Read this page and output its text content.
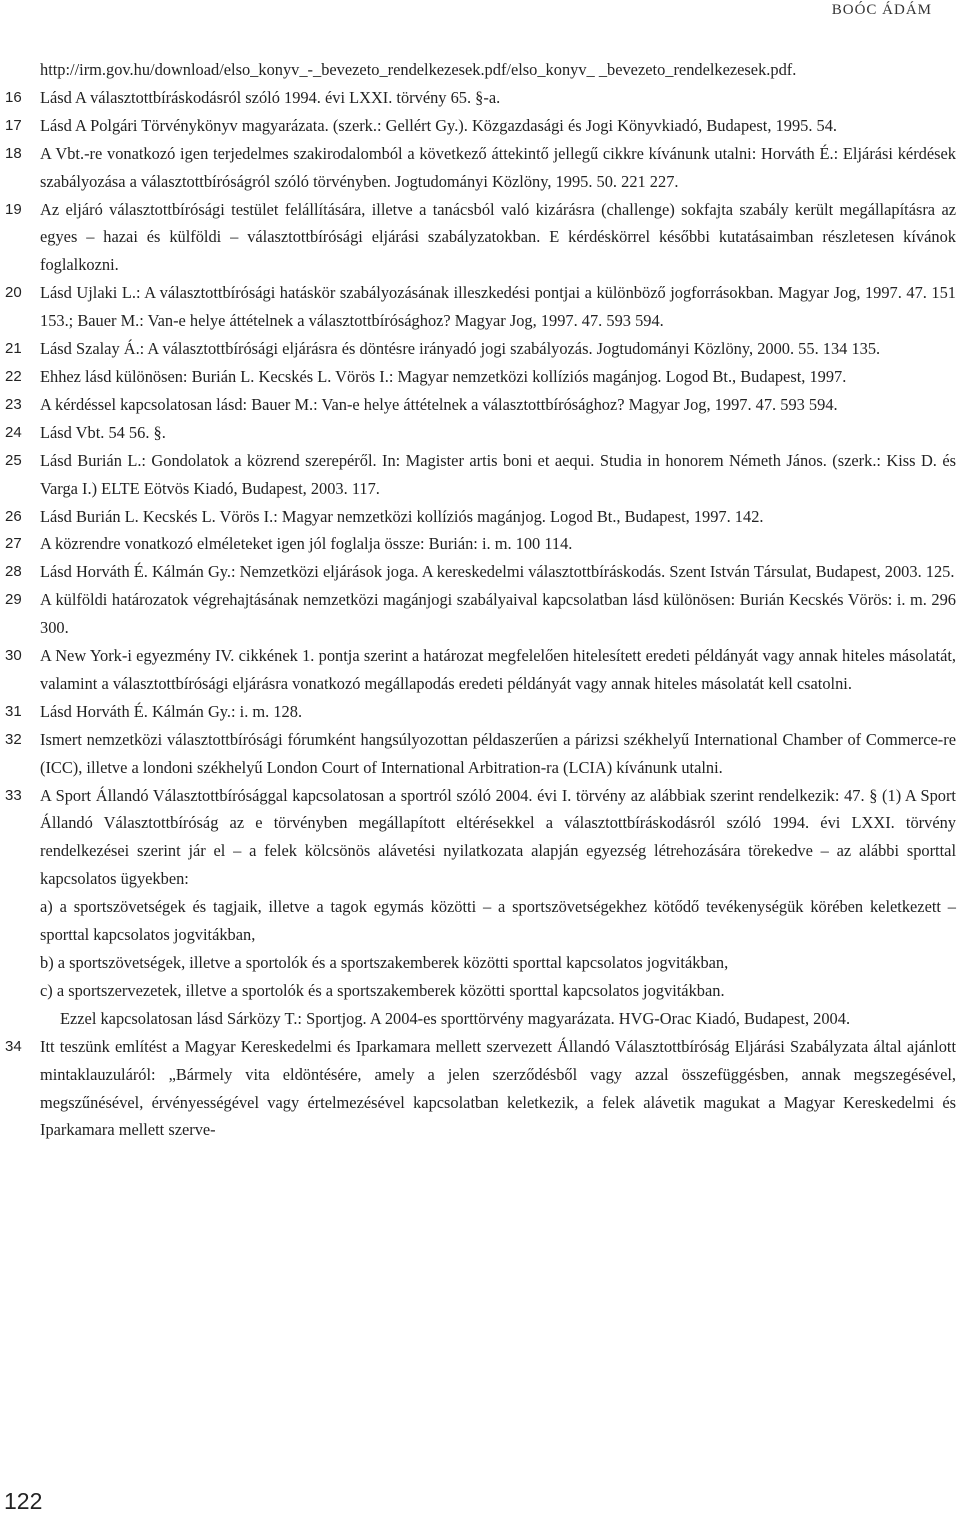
BOÓC ÁDÁM
http://irm.gov.hu/download/elso_konyv_-_bevezeto_rendelkezesek.pdf/elso_konyv_ _bevezeto_rendelkezesek.pdf.
16 Lásd A választottbíráskodásról szóló 1994. évi LXXI. törvény 65. §-a.
17 Lásd A Polgári Törvénykönyv magyarázata. (szerk.: Gellért Gy.). Közgazdasági és Jogi Könyvkiadó, Budapest, 1995. 54.
18 A Vbt.-re vonatkozó igen terjedelmes szakirodalomból a következő áttekintő jellegű cikkre kívánunk utalni: Horváth É.: Eljárási kérdések szabályozása a választottbíróságról szóló törvényben. Jogtudományi Közlöny, 1995. 50. 221 227.
19 Az eljáró választottbírósági testület felállítására, illetve a tanácsból való kizárásra (challenge) sokfajta szabály került megállapításra az egyes – hazai és külföldi – választottbírósági eljárási szabályzatokban. E kérdéskörrel későbbi kutatásaimban részletesen kívánok foglalkozni.
20 Lásd Ujlaki L.: A választottbírósági hatáskör szabályozásának illeszkedési pontjai a különböző jogforrásokban. Magyar Jog, 1997. 47. 151 153.; Bauer M.: Van-e helye áttételnek a választottbírósághoz? Magyar Jog, 1997. 47. 593 594.
21 Lásd Szalay Á.: A választottbírósági eljárásra és döntésre irányadó jogi szabályozás. Jogtudományi Közlöny, 2000. 55. 134 135.
22 Ehhez lásd különösen: Burián L. Kecskés L. Vörös I.: Magyar nemzetközi kollíziós magánjog. Logod Bt., Budapest, 1997.
23 A kérdéssel kapcsolatosan lásd: Bauer M.: Van-e helye áttételnek a választottbírósághoz? Magyar Jog, 1997. 47. 593 594.
24 Lásd Vbt. 54 56. §.
25 Lásd Burián L.: Gondolatok a közrend szerepéről. In: Magister artis boni et aequi. Studia in honorem Németh János. (szerk.: Kiss D. és Varga I.) ELTE Eötvös Kiadó, Budapest, 2003. 117.
26 Lásd Burián L. Kecskés L. Vörös I.: Magyar nemzetközi kollíziós magánjog. Logod Bt., Budapest, 1997. 142.
27 A közrendre vonatkozó elméleteket igen jól foglalja össze: Burián: i. m. 100 114.
28 Lásd Horváth É. Kálmán Gy.: Nemzetközi eljárások joga. A kereskedelmi választottbíráskodás. Szent István Társulat, Budapest, 2003. 125.
29 A külföldi határozatok végrehajtásának nemzetközi magánjogi szabályaival kapcsolatban lásd különösen: Burián Kecskés Vörös: i. m. 296 300.
30 A New York-i egyezmény IV. cikkének 1. pontja szerint a határozat megfelelően hitelesített eredeti példányát vagy annak hiteles másolatát, valamint a választottbírósági eljárásra vonatkozó megállapodás eredeti példányát vagy annak hiteles másolatát kell csatolni.
31 Lásd Horváth É. Kálmán Gy.: i. m. 128.
32 Ismert nemzetközi választottbírósági fórumként hangsúlyozottan példaszerűen a párizsi székhelyű International Chamber of Commerce-re (ICC), illetve a londoni székhelyű London Court of International Arbitration-ra (LCIA) kívánunk utalni.
33 A Sport Állandó Választottbírósággal kapcsolatosan a sportról szóló 2004. évi I. törvény az alábbiak szerint rendelkezik: 47. § (1) A Sport Állandó Választottbíróság az e törvényben megállapított eltérésekkel a választottbíráskodásról szóló 1994. évi LXXI. törvény rendelkezései szerint jár el – a felek kölcsönös alávetési nyilatkozata alapján egyezség létrehozására törekedve – az alábbi sporttal kapcsolatos ügyekben:
a) a sportszövetségek és tagjaik, illetve a tagok egymás közötti – a sportszövetségekhez kötődő tevékenységük körében keletkezett – sporttal kapcsolatos jogvitákban,
b) a sportszövetségek, illetve a sportolók és a sportszakemberek közötti sporttal kapcsolatos jogvitákban,
c) a sportszervezetek, illetve a sportolók és a sportszakemberek közötti sporttal kapcsolatos jogvitákban.
Ezzel kapcsolatosan lásd Sárközy T.: Sportjog. A 2004-es sporttörvény magyarázata. HVG-Orac Kiadó, Budapest, 2004.
34 Itt teszünk említést a Magyar Kereskedelmi és Iparkamara mellett szervezett Állandó Választottbíróság Eljárási Szabályzata által ajánlott mintaklauzuláról: „Bármely vita eldöntésére, amely a jelen szerződésből vagy azzal összefüggésben, annak megszegésével, megszűnésével, érvényességével vagy értelmezésével kapcsolatban keletkezik, a felek alávetik magukat a Magyar Kereskedelmi és Iparkamara mellett szerve-
122
